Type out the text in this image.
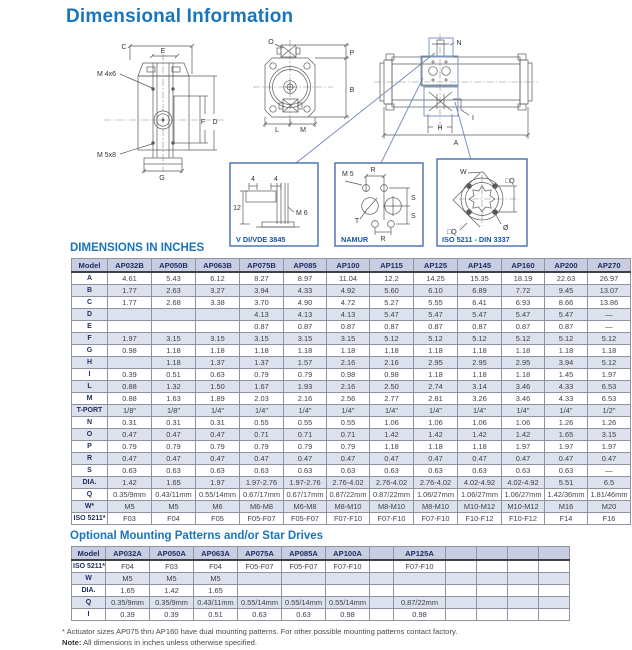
Dimensional Information
C
E
F D
G
O
P
B
L	M
N
I
H
A
4	4
12
R
T
R
M 4x6
M 5x8
M 6
M 5
S
S
W
□Q
□Q
Ø
V DI/VDE 3845	NAMUR	ISO 5211 - DIN 3337
DIMENSIONS IN INCHES
Model	AP032B	AP050B	AP063B	AP075B	AP085	AP100	AP115	AP125	AP145	AP160	AP200	AP270
A	4.61	5.43	6.12	8.27	8.97	11.04	12.2	14.25	15.35	18.19	22.63	26.97
B	1.77	2.63	3.27	3.94	4.33	4.92	5.60	6.10	6.89	7.72	9.45	13.07
C	1.77	2.68	3.38	3.70	4.90	4.72	5.27	5.55	6.41	6.93	8.66	13.86
D				4.13	4.13	4.13	5.47	5.47	5.47	5.47	5.47	—
E				0.87	0.87	0.87	0.87	0.87	0.87	0.87	0.87	—
F	1.97	3.15	3.15	3.15	3.15	3.15	5.12	5.12	5.12	5.12	5.12	5.12
G	0.98	1.18	1.18	1.18	1.18	1.18	1.18	1.18	1.18	1.18	1.18	1.18
H		1.18	1.37	1.37	1.57	2.16	2.16	2.95	2.95	2.95	3.94	5.12
I	0.39	0.51	0.63	0.79	0.79	0.98	0.98	1.18	1.18	1.18	1.45	1.97
L	0.88	1.32	1.50	1.67	1.93	2.16	2.50	2.74	3.14	3.46	4.33	6.53
M	0.88	1.63	1.89	2.03	2.16	2.56	2.77	2.81	3.26	3.46	4.33	6.53
T-PORT	1/8"	1/8"	1/4"	1/4"	1/4"	1/4"	1/4"	1/4"	1/4"	1/4"	1/4"	1/2"
N	0.31	0.31	0.31	0.55	0.55	0.55	1.06	1.06	1.06	1.06	1.26	1.26
O	0.47	0.47	0.47	0.71	0.71	0.71	1.42	1.42	1.42	1.42	1.65	3.15
P	0.79	0.79	0.79	0.79	0.79	0.79	1.18	1.18	1.18	1.97	1.97	1.97
R	0.47	0.47	0.47	0.47	0.47	0.47	0.47	0.47	0.47	0.47	0.47	0.47
S	0.63	0.63	0.63	0.63	0.63	0.63	0.63	0.63	0.63	0.63	0.63	—
DIA.	1.42	1.65	1.97	1.97-2.76	1.97-2.76	2.76-4.02	2.76-4.02	2.76-4.02	4.02-4.92	4.02-4.92	5.51	6.5
Q	0.35/9mm	0.43/11mm	0.55/14mm	0.67/17mm	0.67/17mm	0.87/22mm	0.87/22mm	1.06/27mm	1.06/27mm	1.06/27mm	1.42/36mm	1.81/46mm
W*	M5	M5	M6	M6-M8	M6-M8	M8-M10	M8-M10	M8-M10	M10-M12	M10-M12	M16	M20
ISO 5211*	F03	F04	F05	F05-F07	F05-F07	F07-F10	F07-F10	F07-F10	F10-F12	F10-F12	F14	F16
Optional Mounting Patterns and/or Star Drives
Model	AP032A	AP050A	AP063A	AP075A	AP085A	AP100A		AP125A				
ISO 5211*	F04	F03	F04	F05-F07	F05-F07	F07-F10		F07-F10				
W	M5	M5	M5									
DIA.	1.65	1.42	1.65									
Q	0.35/9mm	0.35/9mm	0.43/11mm	0.55/14mm	0.55/14mm	0.55/14mm		0.87/22mm				
I	0.39	0.39	0.51	0.63	0.63	0.98		0.98				
* Actuator sizes AP075 thru AP160 have dual mounting patterns. For other possible mounting patterns contact factory.
Note: All dimensions in inches unless otherwise specified.
